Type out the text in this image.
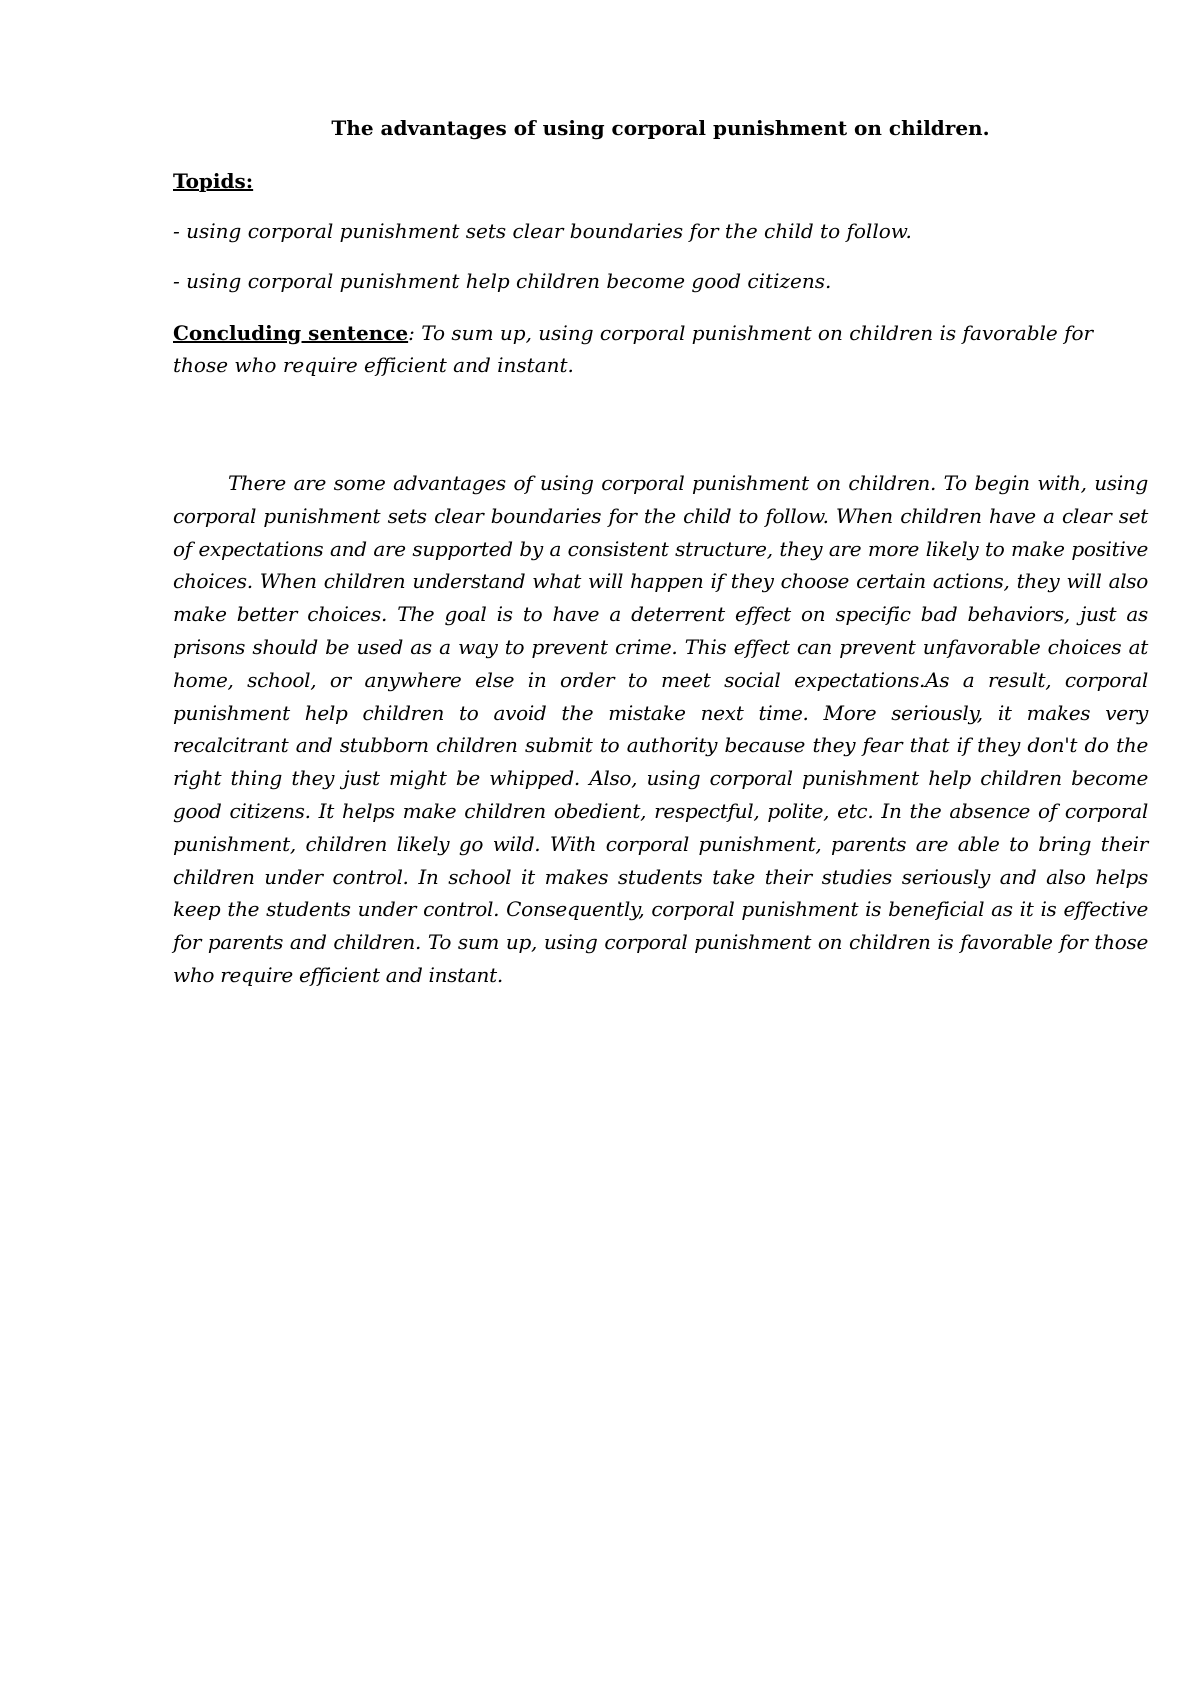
The advantages of using corporal punishment on children.

Topids:

- using corporal punishment sets clear boundaries for the child to follow.

- using corporal punishment help children become good citizens.

Concluding sentence: To sum up, using corporal punishment on children is favorable for those who require efficient and instant.

There are some advantages of using corporal punishment on children. To begin with, using corporal punishment sets clear boundaries for the child to follow. When children have a clear set of expectations and are supported by a consistent structure, they are more likely to make positive choices. When children understand what will happen if they choose certain actions, they will also make better choices. The goal is to have a deterrent effect on specific bad behaviors, just as prisons should be used as a way to prevent crime. This effect can prevent unfavorable choices at home, school, or anywhere else in order to meet social expectations.As a result, corporal punishment help children to avoid the mistake next time. More seriously, it makes very recalcitrant and stubborn children submit to authority because they fear that if they don't do the right thing they just might be whipped. Also, using corporal punishment help children become good citizens. It helps make children obedient, respectful, polite, etc. In the absence of corporal punishment, children likely go wild. With corporal punishment, parents are able to bring their children under control. In school it makes students take their studies seriously and also helps keep the students under control. Consequently, corporal punishment is beneficial as it is effective for parents and children. To sum up, using corporal punishment on children is favorable for those who require efficient and instant.
